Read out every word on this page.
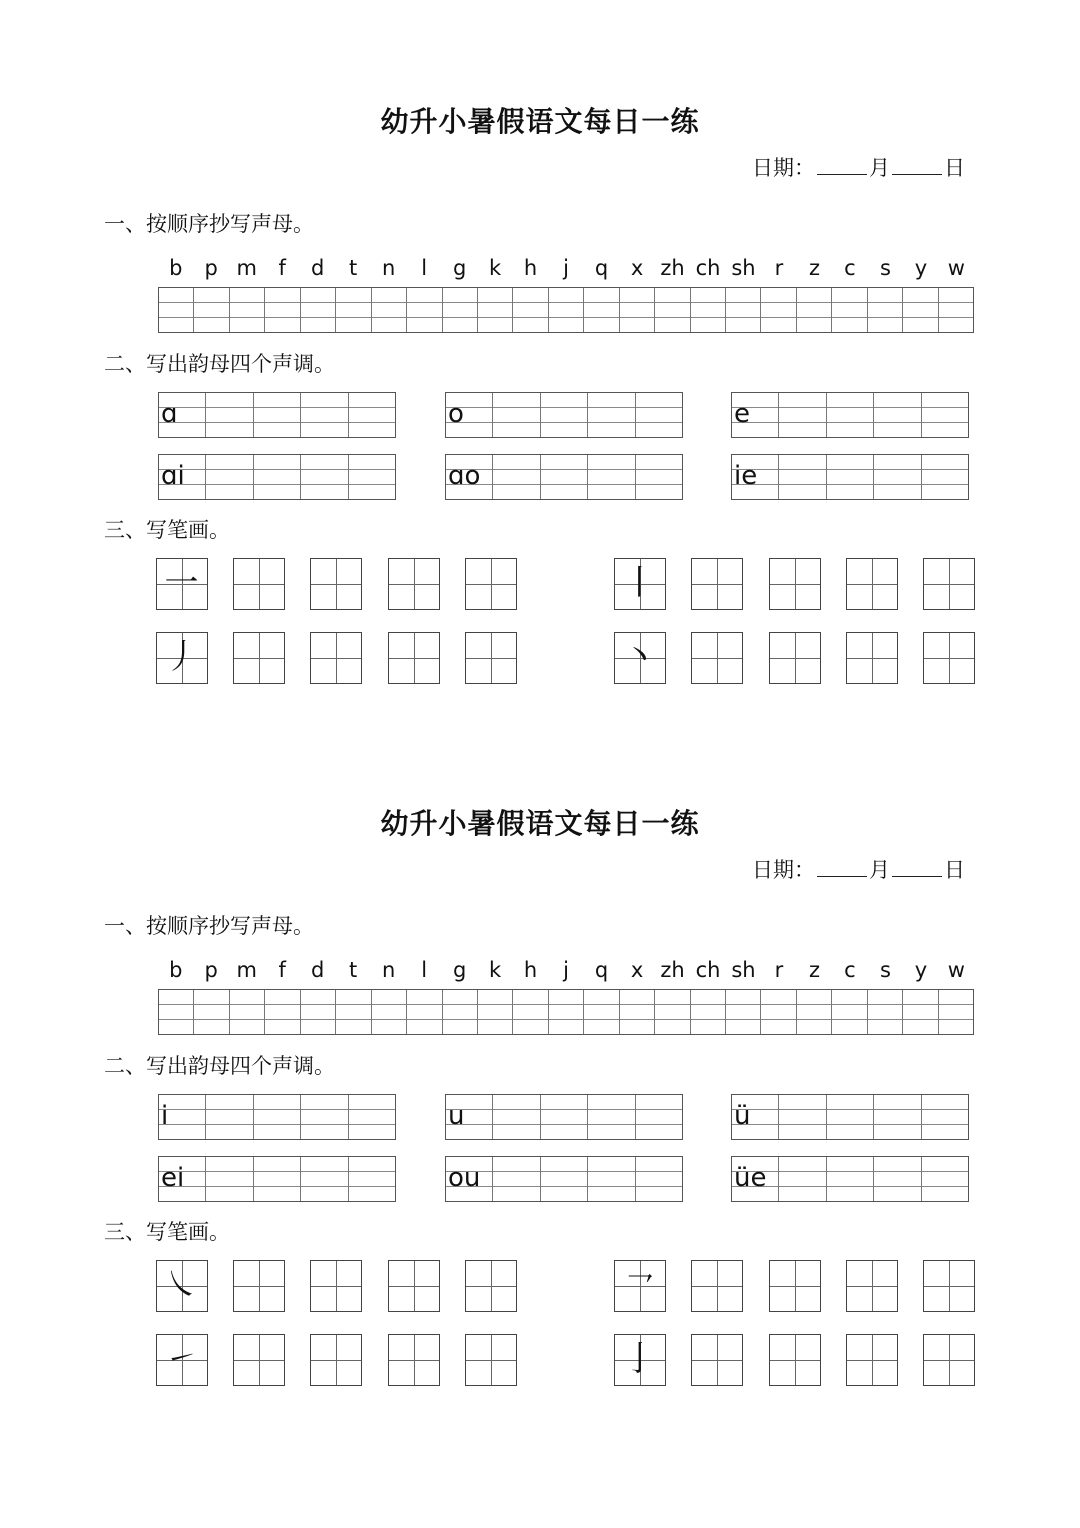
幼升小暑假语文每日一练
日期：	月	日
一、按顺序抄写声母。
b	p m	f	d	t	n	l	g	k	h	j	q	x zh ch sh r	z	c	s	y w
二、写出韵母四个声调。
ɑ	o	e
ɑi	ɑo	ie
三、写笔画。
一	丨
丿	丶
幼升小暑假语文每日一练
日期：	月	日
一、按顺序抄写声母。
b	p m	f	d	t	n	l	g	k	h	j	q	x zh ch sh r	z	c	s	y w
二、写出韵母四个声调。
i	u	ü
ei	ou	üe
三、写笔画。
㇏	㇖
㇀	亅
